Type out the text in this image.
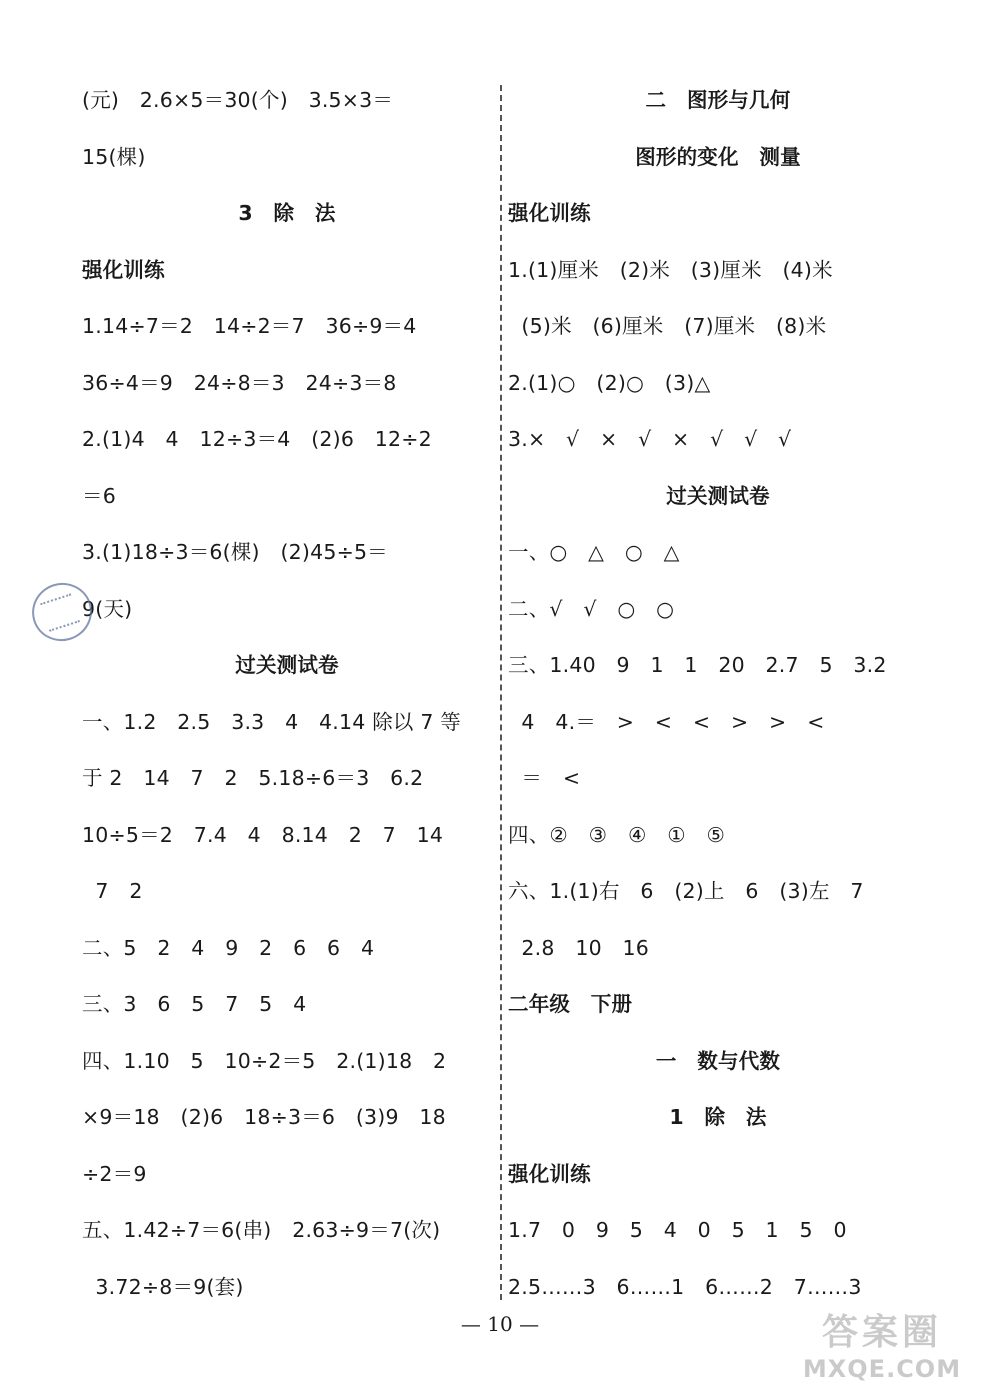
(元)　2.6×5＝30(个)　3.5×3＝
15(棵)
3　除　法
强化训练
1.14÷7＝2　14÷2＝7　36÷9＝4
36÷4＝9　24÷8＝3　24÷3＝8
2.(1)4　4　12÷3＝4　(2)6　12÷2
＝6
3.(1)18÷3＝6(棵)　(2)45÷5＝
9(天)
过关测试卷
一、1.2　2.5　3.3　4　4.14 除以 7 等
于 2　14　7　2　5.18÷6＝3　6.2
10÷5＝2　7.4　4　8.14　2　7　14
7　2
二、5　2　4　9　2　6　6　4
三、3　6　5　7　5　4
四、1.10　5　10÷2＝5　2.(1)18　2
×9＝18　(2)6　18÷3＝6　(3)9　18
÷2＝9
五、1.42÷7＝6(串)　2.63÷9＝7(次)
3.72÷8＝9(套)
二　图形与几何
图形的变化　测量
强化训练
1.(1)厘米　(2)米　(3)厘米　(4)米
(5)米　(6)厘米　(7)厘米　(8)米
2.(1)○　(2)○　(3)△
3.×　√　×　√　×　√　√　√
过关测试卷
一、○　△　○　△
二、√　√　○　○
三、1.40　9　1　1　20　2.7　5　3.2
4　4.＝　>　<　<　>　>　<
＝　<
四、②　③　④　①　⑤
六、1.(1)右　6　(2)上　6　(3)左　7
2.8　10　16
二年级　下册
一　数与代数
1　除　法
强化训练
1.7　0　9　5　4　0　5　1　5　0
2.5……3　6……1　6……2　7……3
— 10 —	答案圈
MXQE.COM
